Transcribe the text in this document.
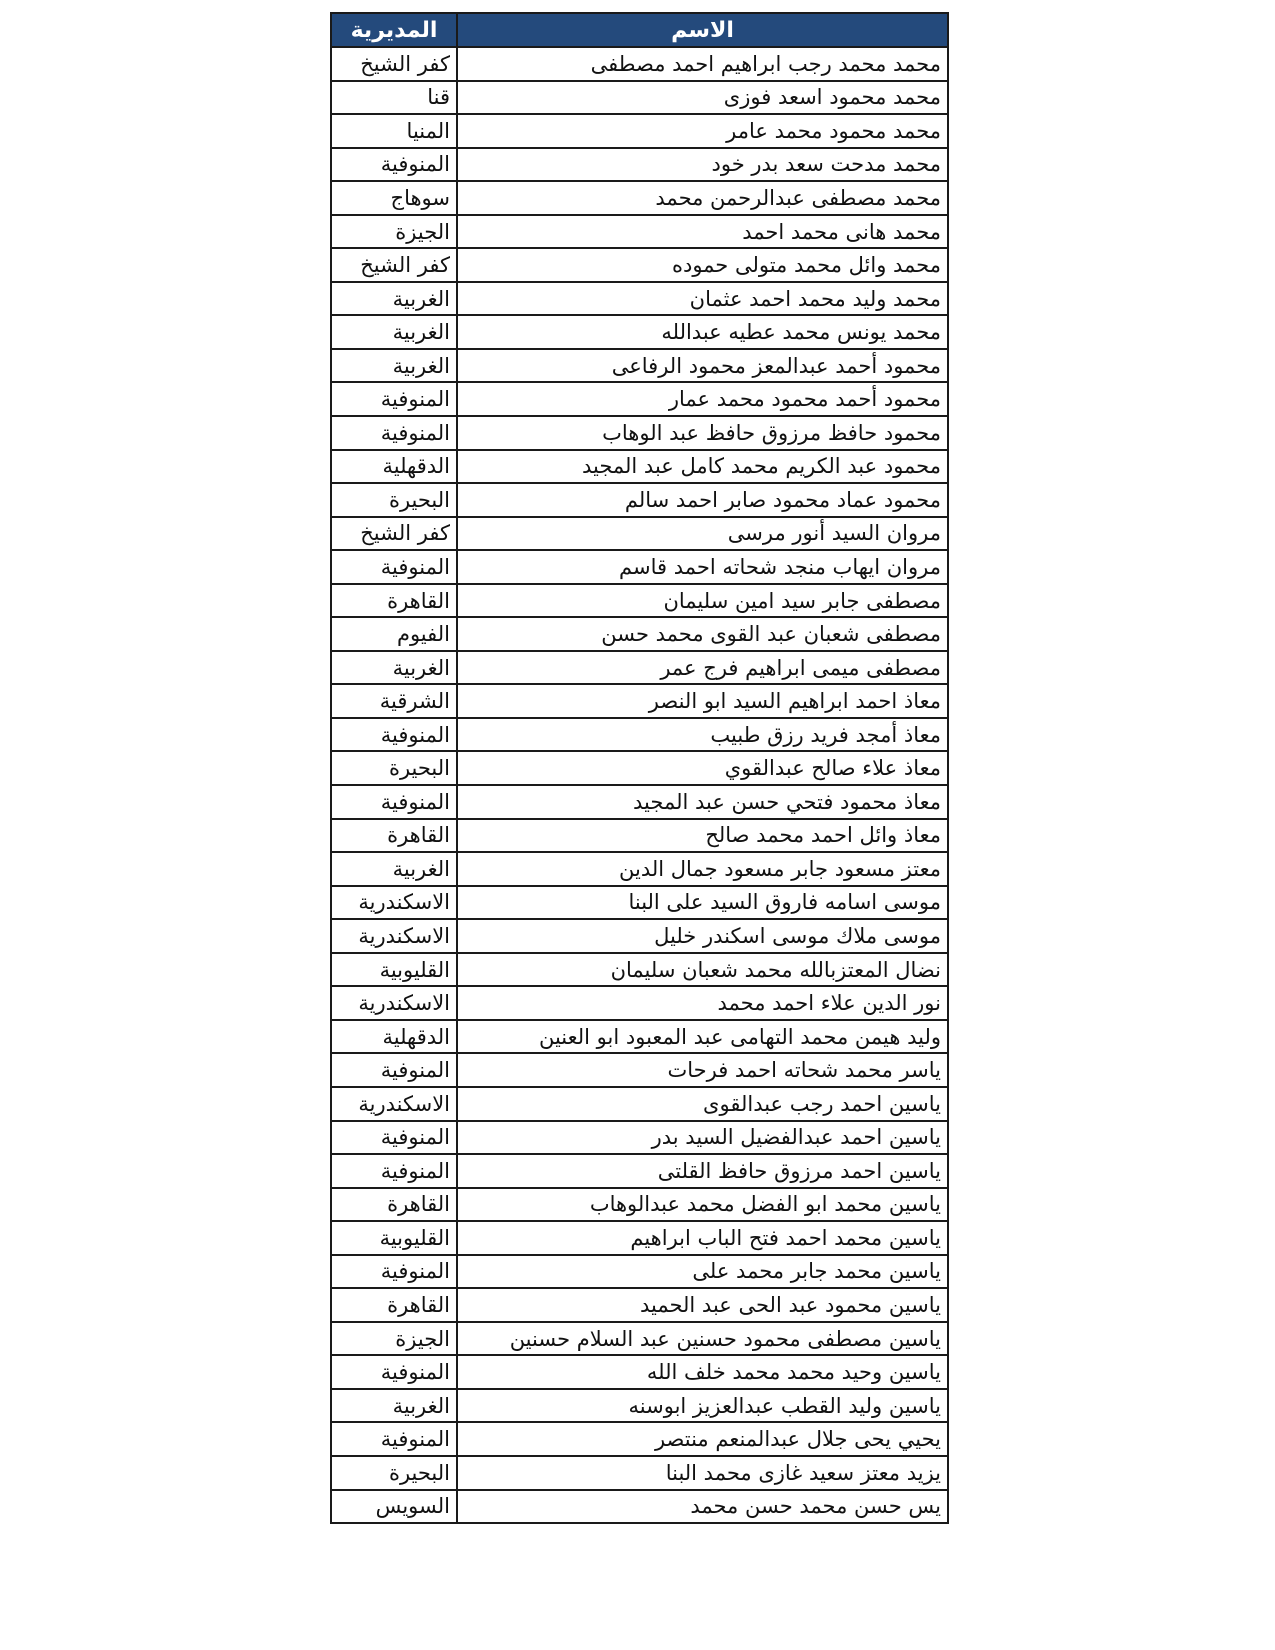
المديرية	الاسم
كفر الشيخ	محمد محمد رجب ابراهيم احمد مصطفى
قنا	محمد محمود اسعد فوزى
المنيا	محمد محمود محمد عامر
المنوفية	محمد مدحت سعد بدر خود
سوهاج	محمد مصطفى عبدالرحمن محمد
الجيزة	محمد هانى محمد احمد
كفر الشيخ	محمد وائل محمد متولى حموده
الغربية	محمد وليد محمد احمد عثمان
الغربية	محمد يونس محمد عطيه عبدالله
الغربية	محمود أحمد عبدالمعز محمود الرفاعى
المنوفية	محمود أحمد محمود محمد عمار
المنوفية	محمود حافظ مرزوق حافظ عبد الوهاب
الدقهلية	محمود عبد الكريم محمد كامل عبد المجيد
البحيرة	محمود عماد محمود صابر احمد سالم
كفر الشيخ	مروان السيد أنور مرسى
المنوفية	مروان ايهاب منجد شحاته احمد قاسم
القاهرة	مصطفى جابر سيد امين سليمان
الفيوم	مصطفى شعبان عبد القوى محمد حسن
الغربية	مصطفى ميمى ابراهيم فرج عمر
الشرقية	معاذ احمد ابراهيم السيد ابو النصر
المنوفية	معاذ أمجد فريد رزق طبيب
البحيرة	معاذ علاء صالح عبدالقوي
المنوفية	معاذ محمود فتحي حسن عبد المجيد
القاهرة	معاذ وائل احمد محمد صالح
الغربية	معتز مسعود جابر مسعود جمال الدين
الاسكندرية	موسى اسامه فاروق السيد على البنا
الاسكندرية	موسى ملاك موسى اسكندر خليل
القليوبية	نضال المعتزبالله محمد شعبان سليمان
الاسكندرية	نور الدين علاء احمد محمد
الدقهلية	وليد هيمن محمد التهامى عبد المعبود ابو العنين
المنوفية	ياسر محمد شحاته احمد فرحات
الاسكندرية	ياسين احمد رجب عبدالقوى
المنوفية	ياسين احمد عبدالفضيل السيد بدر
المنوفية	ياسين احمد مرزوق حافظ القلتى
القاهرة	ياسين محمد ابو الفضل محمد عبدالوهاب
القليوبية	ياسين محمد احمد فتح الباب ابراهيم
المنوفية	ياسين محمد جابر محمد على
القاهرة	ياسين محمود عبد الحى عبد الحميد
الجيزة	ياسين مصطفى محمود حسنين عبد السلام حسنين
المنوفية	ياسين وحيد محمد محمد خلف الله
الغربية	ياسين وليد القطب عبدالعزيز ابوسنه
المنوفية	يحيي يحى جلال عبدالمنعم منتصر
البحيرة	يزيد معتز سعيد غازى محمد البنا
السويس	يس حسن محمد حسن محمد
